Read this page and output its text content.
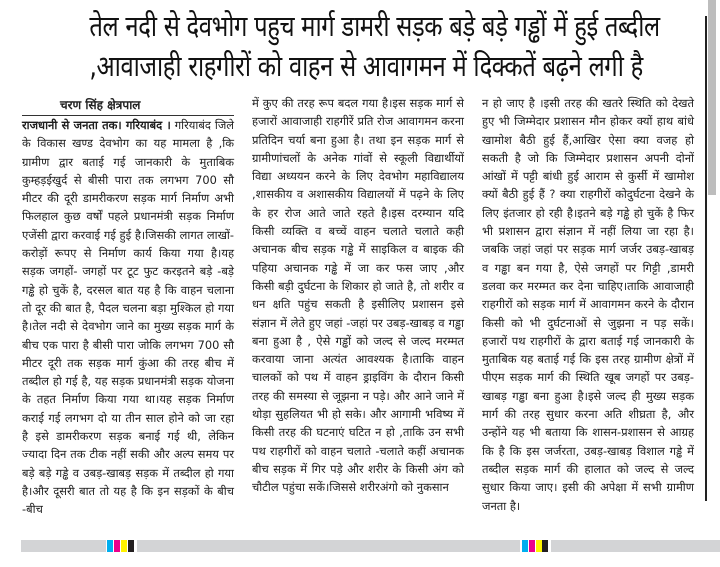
तेल नदी से देवभोग पहुच मार्ग डामरी सड़क बड़े बड़े गड्ढों में हुई तब्दील
,आवाजाही राहगीरों को वाहन से आवागमन में दिक्कतें बढ़ने लगी है
चरण सिंह क्षेत्रपाल

राजधानी से जनता तक। गरियाबंद । गरियाबंद जिले के विकास खण्ड देवभोग का यह मामला है ,कि ग्रामीण द्वार बताई गई जानकारी के मुताबिक कुम्हड़ईखुर्द से बीसी पारा तक लगभग 700 सौ मीटर की दूरी डामरीकरण सड़क मार्ग निर्माण अभी फिलहाल कुछ वर्षों पहले प्रधानमंत्री सड़क निर्माण एजेंसी द्वारा करवाई गई हुई है।जिसकी लागत लाखों- करोड़ों रूपए से निर्माण कार्य किया गया है।यह सड़क जगहों- जगहों पर टूट फुट करइतने बड़े -बड़े गड्ढे हो चुकें है, दरसल बात यह है कि वाहन चलाना तो दूर की बात है, पैदल चलना बड़ा मुश्किल हो गया है।तेल नदी से देवभोग जाने का मुख्य सड़क मार्ग के बीच एक पारा है बीसी पारा जोकि लगभग 700 सौ मीटर दूरी तक सड़क मार्ग कुंआ की तरह बीच में तब्दील हो गई है, यह सड़क प्रधानमंत्री सड़क योजना के तहत निर्माण किया गया था।यह सड़क निर्माण कराई गई लगभग दो या तीन साल होने को जा रहा है इसे डामरीकरण सड़क बनाई गई थी, लेकिन ज्यादा दिन तक टीक नहीं सकी और अल्प समय पर बड़े बड़े गड्ढे व उबड़-खाबड़ सड़क में तब्दील हो गया है।और दूसरी बात तो यह है कि इन सड़कों के बीच -बीच

में कुए की तरह रूप बदल गया है।इस सड़क मार्ग से हजारों आवाजाही राहगीरें प्रति रोज आवागमन करना प्रतिदिन चर्या बना हुआ है। तथा इन सड़क मार्ग से ग्रामीणांचलों के अनेक गांवों से स्कूली विद्यार्थीयों विद्या अध्ययन करने के लिए देवभोग महाविद्यालय ,शासकीय व अशासकीय विद्यालयों में पढ़ने के लिए के हर रोज आते जाते रहते है।इस दरम्यान यदि किसी व्यक्ति व बच्चें वाहन चलाते चलाते कही अचानक बीच सड़क गड्ढे में साइकिल व बाइक की पहिया अचानक गड्ढे में जा कर फस जाए ,और किसी बड़ी दुर्घटना के शिकार हो जाते है, तो शरीर व धन क्षति पहुंच सकती है इसीलिए प्रशासन इसे संज्ञान में लेते हुए जहां -जहां पर उबड़-खाबड़ व गड्ढा बना हुआ है , ऐसे गड्ढों को जल्द से जल्द मरम्मत करवाया जाना अत्यंत आवश्यक है।ताकि वाहन चालकों को पथ में वाहन ड्राइविंग के दौरान किसी तरह की समस्या से जूझना न पड़े। और आने जाने में थोड़ा सुहलियत भी हो सके। और आगामी भविष्य में किसी तरह की घटनाएं घटित न हो ,ताकि उन सभी पथ राहगीरों को वाहन चलाते -चलाते कहीं अचानक बीच सड़क में गिर पड़े और शरीर के किसी अंग को चौटील पहुंचा सकें।जिससे शरीरअंगो को नुकसान

न हो जाए है ।इसी तरह की खतरे स्थिति को देखते हुए भी जिम्मेदार प्रशासन मौन होकर क्यों हाथ बांधे खामोश बैठी हुई हैं,आखिर ऐसा क्या वजह हो सकती है जो कि जिम्मेदार प्रशासन अपनी दोनों आंखों में पट्टी बांधी हुई आराम से कुर्सी में खामोश क्यों बैठी हुई हैं ? क्या राहगीरों कोदुर्घटना देखने के लिए इंतजार हो रही है।इतने बड़े गड्ढे हो चुकें है फिर भी प्रशासन द्वारा संज्ञान में नहीं लिया जा रहा है।जबकि जहां जहां पर सड़क मार्ग जर्जर उबड़-खाबड़ व गड्ढा बन गया है, ऐसे जगहों पर गिट्टी ,डामरी डलवा कर मरम्मत कर देना चाहिए।ताकि आवाजाही राहगीरों को सड़क मार्ग में आवागमन करने के दौरान किसी को भी दुर्घटनाओं से जुझना न पड़ सकें। हजारों पथ राहगीरों के द्वारा बताई गई जानकारी के मुताबिक यह बताई गई कि इस तरह ग्रामीण क्षेत्रों में पीएम सड़क मार्ग की स्थिति खूब जगहों पर उबड़-खाबड़ गड्ढा बना हुआ है।इसे जल्द ही मुख्य सड़क मार्ग की तरह सुधार करना अति शीघ्रता है, और उन्होंने यह भी बताया कि शासन-प्रशासन से आग्रह कि है कि इस जर्जरता, उबड़-खाबड़ विशाल गड्ढे में तब्दील सड़क मार्ग की हालात को जल्द से जल्द सुधार किया जाए। इसी की अपेक्षा में सभी ग्रामीण जनता है।
